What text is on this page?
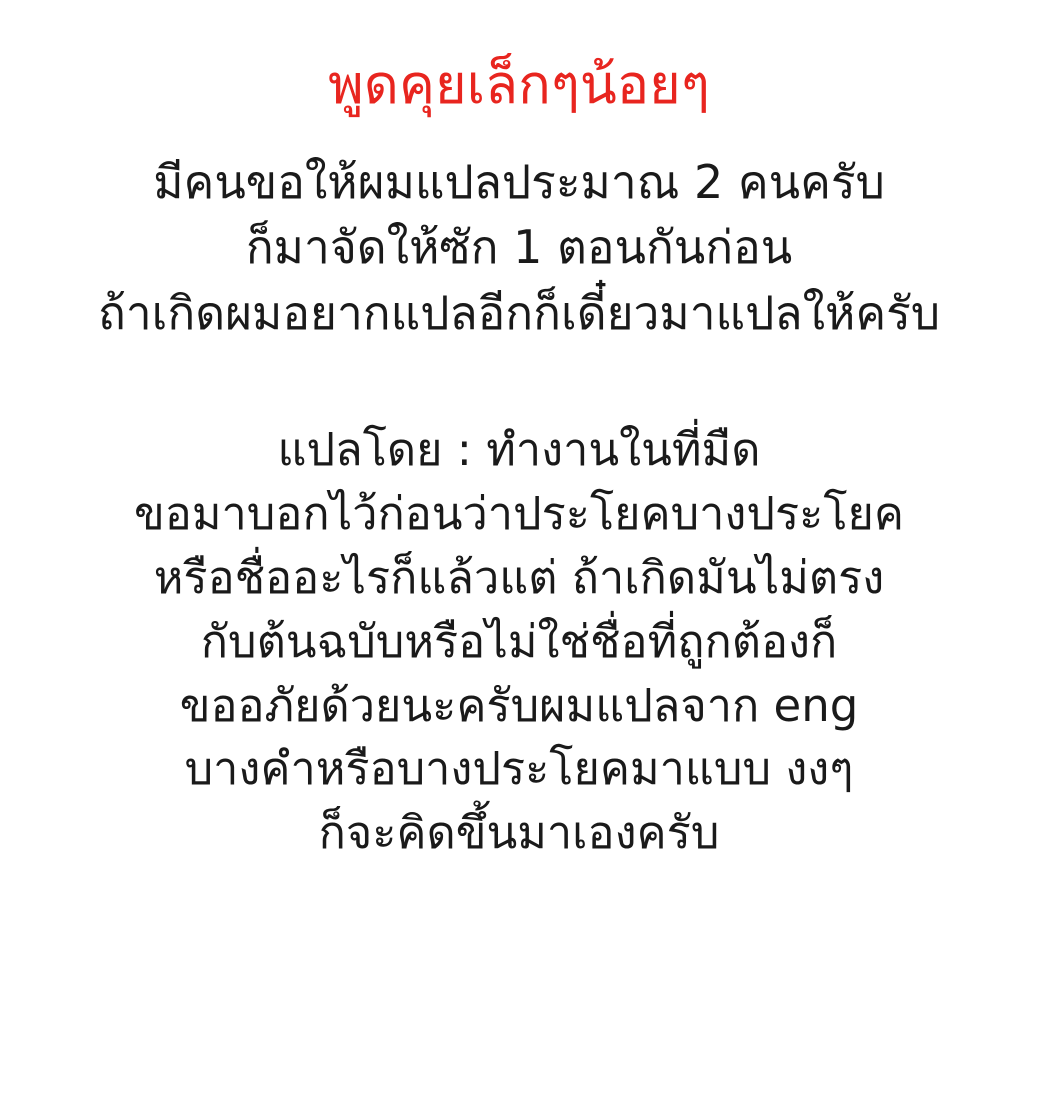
พูดคุยเล็กๆน้อยๆ
มีคนขอให้ผมแปลประมาณ 2 คนครับ
ก็มาจัดให้ซัก 1 ตอนกันก่อน
ถ้าเกิดผมอยากแปลอีกก็เดี๋ยวมาแปลให้ครับ
แปลโดย : ทำงานในที่มืด
ขอมาบอกไว้ก่อนว่าประโยคบางประโยค
หรือชื่ออะไรก็แล้วแต่ ถ้าเกิดมันไม่ตรง
กับต้นฉบับหรือไม่ใช่ชื่อที่ถูกต้องก็
ขออภัยด้วยนะครับผมแปลจาก eng
บางคำหรือบางประโยคมาแบบ งงๆ
ก็จะคิดขึ้นมาเองครับ
